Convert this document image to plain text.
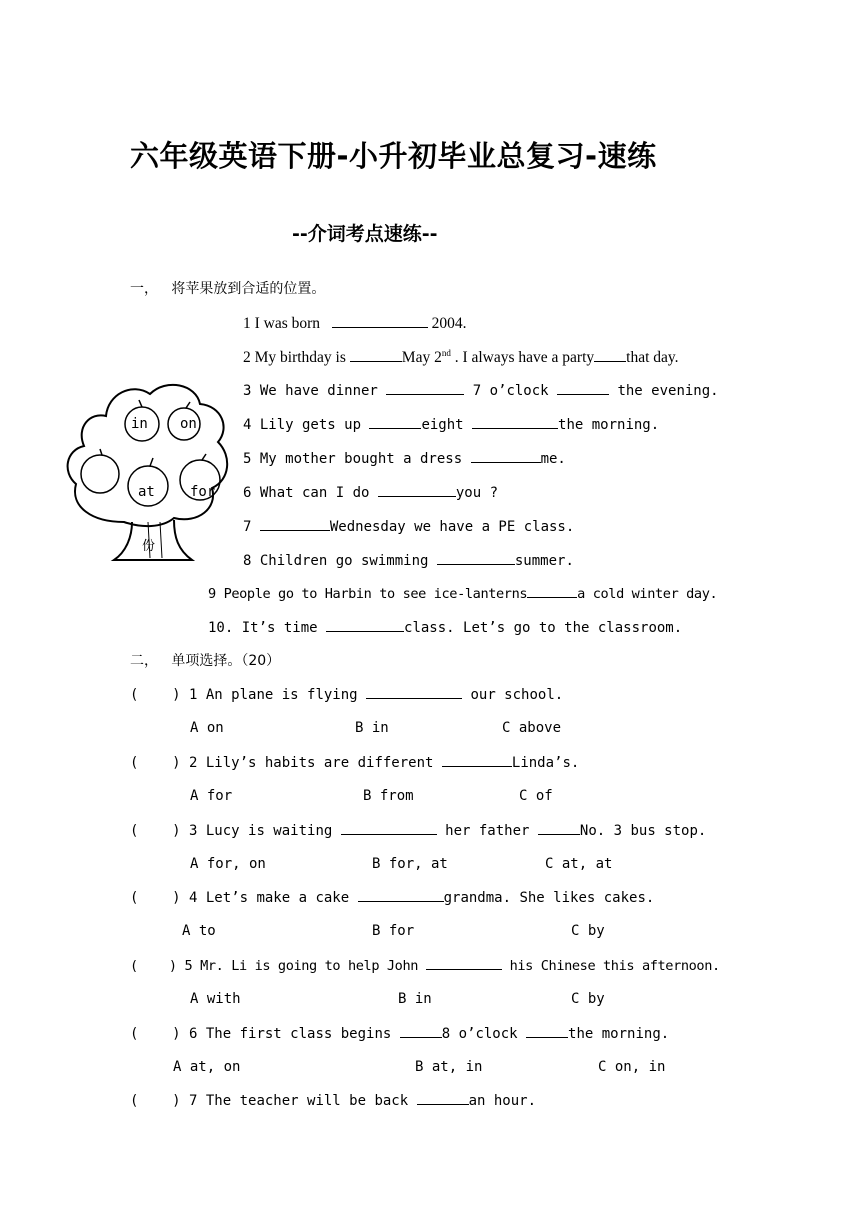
六年级英语下册-小升初毕业总复习-速练
--介词考点速练--
一，   将苹果放到合适的位置。
份
in on
at	for
1 I was born	2004.
2 My birthday is	May 2nd . I always have a party that day.
3 We have dinner	7 o’clock	the evening.
4 Lily gets up	eight	the morning.
5 My mother bought a dress	me.
6 What can I do	you ?
7	Wednesday we have a PE class.
8 Children go swimming	summer.
9 People go to Harbin to see ice-lanterns	a cold winter day.
10. It’s time	class. Let’s go to the classroom.
二，   单项选择。（20）
(    ) 1 An plane is flying	our school.
A on	B in	C above
(    ) 2 Lily’s habits are different	Linda’s.
A for	B from	C of
(    ) 3 Lucy is waiting	her father	No. 3 bus stop.
A for, on	B for, at	C at, at
(    ) 4 Let’s make a cake	grandma. She likes cakes.
A to	B for	C by
(    ) 5 Mr. Li is going to help John	his Chinese this afternoon.
A with	B in	C by
(    ) 6 The first class begins	8 o’clock	the morning.
A at, on	B at, in	C on, in
(    ) 7 The teacher will be back	an hour.
